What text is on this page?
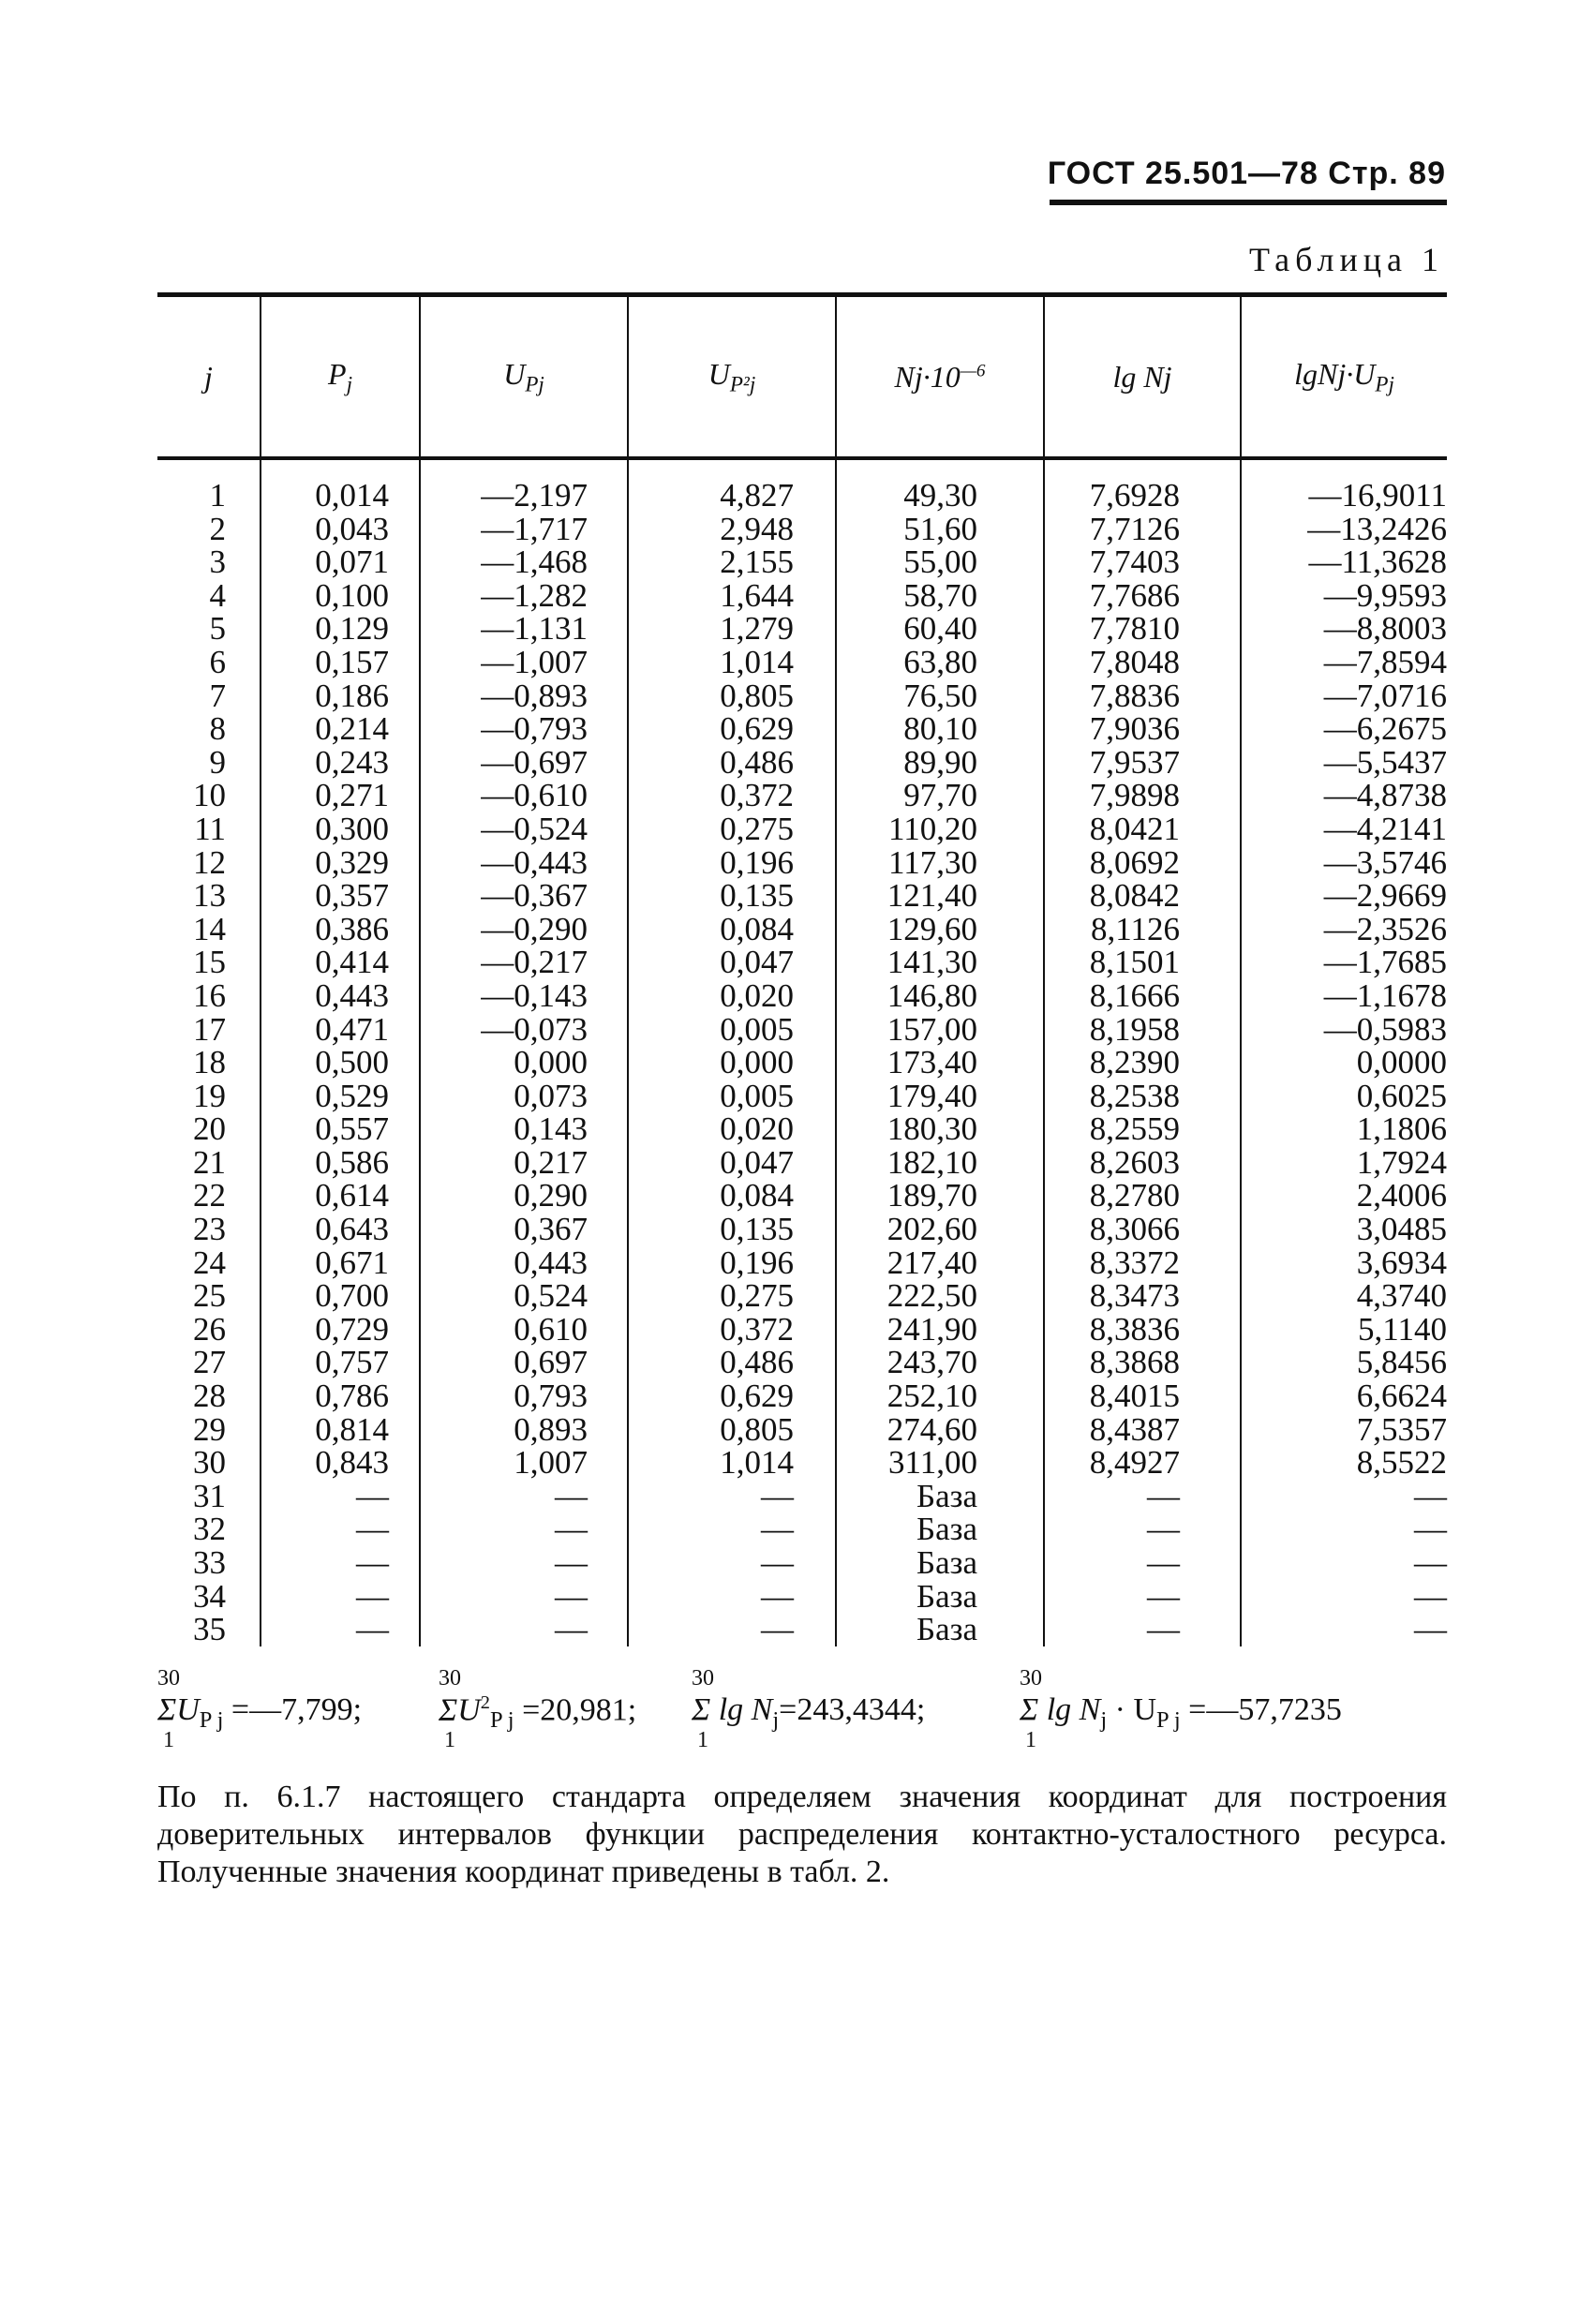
ГОСТ 25.501—78 Стр. 89
Таблица 1
j	$P_j$	$U_{Pj}$	$U_{P^2j}$	$Nj\cdot 10^{—6}$	lg Nj	$lgNj\cdot U_{Pj}$
1	0,014	—2,197	4,827	49,30	7,6928	—16,9011
2	0,043	—1,717	2,948	51,60	7,7126	—13,2426
3	0,071	—1,468	2,155	55,00	7,7403	—11,3628
4	0,100	—1,282	1,644	58,70	7,7686	—9,9593
5	0,129	—1,131	1,279	60,40	7,7810	—8,8003
6	0,157	—1,007	1,014	63,80	7,8048	—7,8594
7	0,186	—0,893	0,805	76,50	7,8836	—7,0716
8	0,214	—0,793	0,629	80,10	7,9036	—6,2675
9	0,243	—0,697	0,486	89,90	7,9537	—5,5437
10	0,271	—0,610	0,372	97,70	7,9898	—4,8738
11	0,300	—0,524	0,275	110,20	8,0421	—4,2141
12	0,329	—0,443	0,196	117,30	8,0692	—3,5746
13	0,357	—0,367	0,135	121,40	8,0842	—2,9669
14	0,386	—0,290	0,084	129,60	8,1126	—2,3526
15	0,414	—0,217	0,047	141,30	8,1501	—1,7685
16	0,443	—0,143	0,020	146,80	8,1666	—1,1678
17	0,471	—0,073	0,005	157,00	8,1958	—0,5983
18	0,500	0,000	0,000	173,40	8,2390	0,0000
19	0,529	0,073	0,005	179,40	8,2538	0,6025
20	0,557	0,143	0,020	180,30	8,2559	1,1806
21	0,586	0,217	0,047	182,10	8,2603	1,7924
22	0,614	0,290	0,084	189,70	8,2780	2,4006
23	0,643	0,367	0,135	202,60	8,3066	3,0485
24	0,671	0,443	0,196	217,40	8,3372	3,6934
25	0,700	0,524	0,275	222,50	8,3473	4,3740
26	0,729	0,610	0,372	241,90	8,3836	5,1140
27	0,757	0,697	0,486	243,70	8,3868	5,8456
28	0,786	0,793	0,629	252,10	8,4015	6,6624
29	0,814	0,893	0,805	274,60	8,4387	7,5357
30	0,843	1,007	1,014	311,00	8,4927	8,5522
31	—	—	—	База	—	—
32	—	—	—	База	—	—
33	—	—	—	База	—	—
34	—	—	—	База	—	—
35	—	—	—	База	—	—
30
1
$\Sigma U_{P j}$ =—7,799;
30
1
$\Sigma U^2_{P j} =20,981$;
30
1
Σ $\lg N_j=243,4344$;
30
1
Σ $\lg N_j \cdot U_{P j}$ =—57,7235
По п. 6.1.7 настоящего стандарта определяем значения координат для построения доверительных интервалов функции распределения контактно-усталостного ресурса. Полученные значения координат приведены в табл. 2.
